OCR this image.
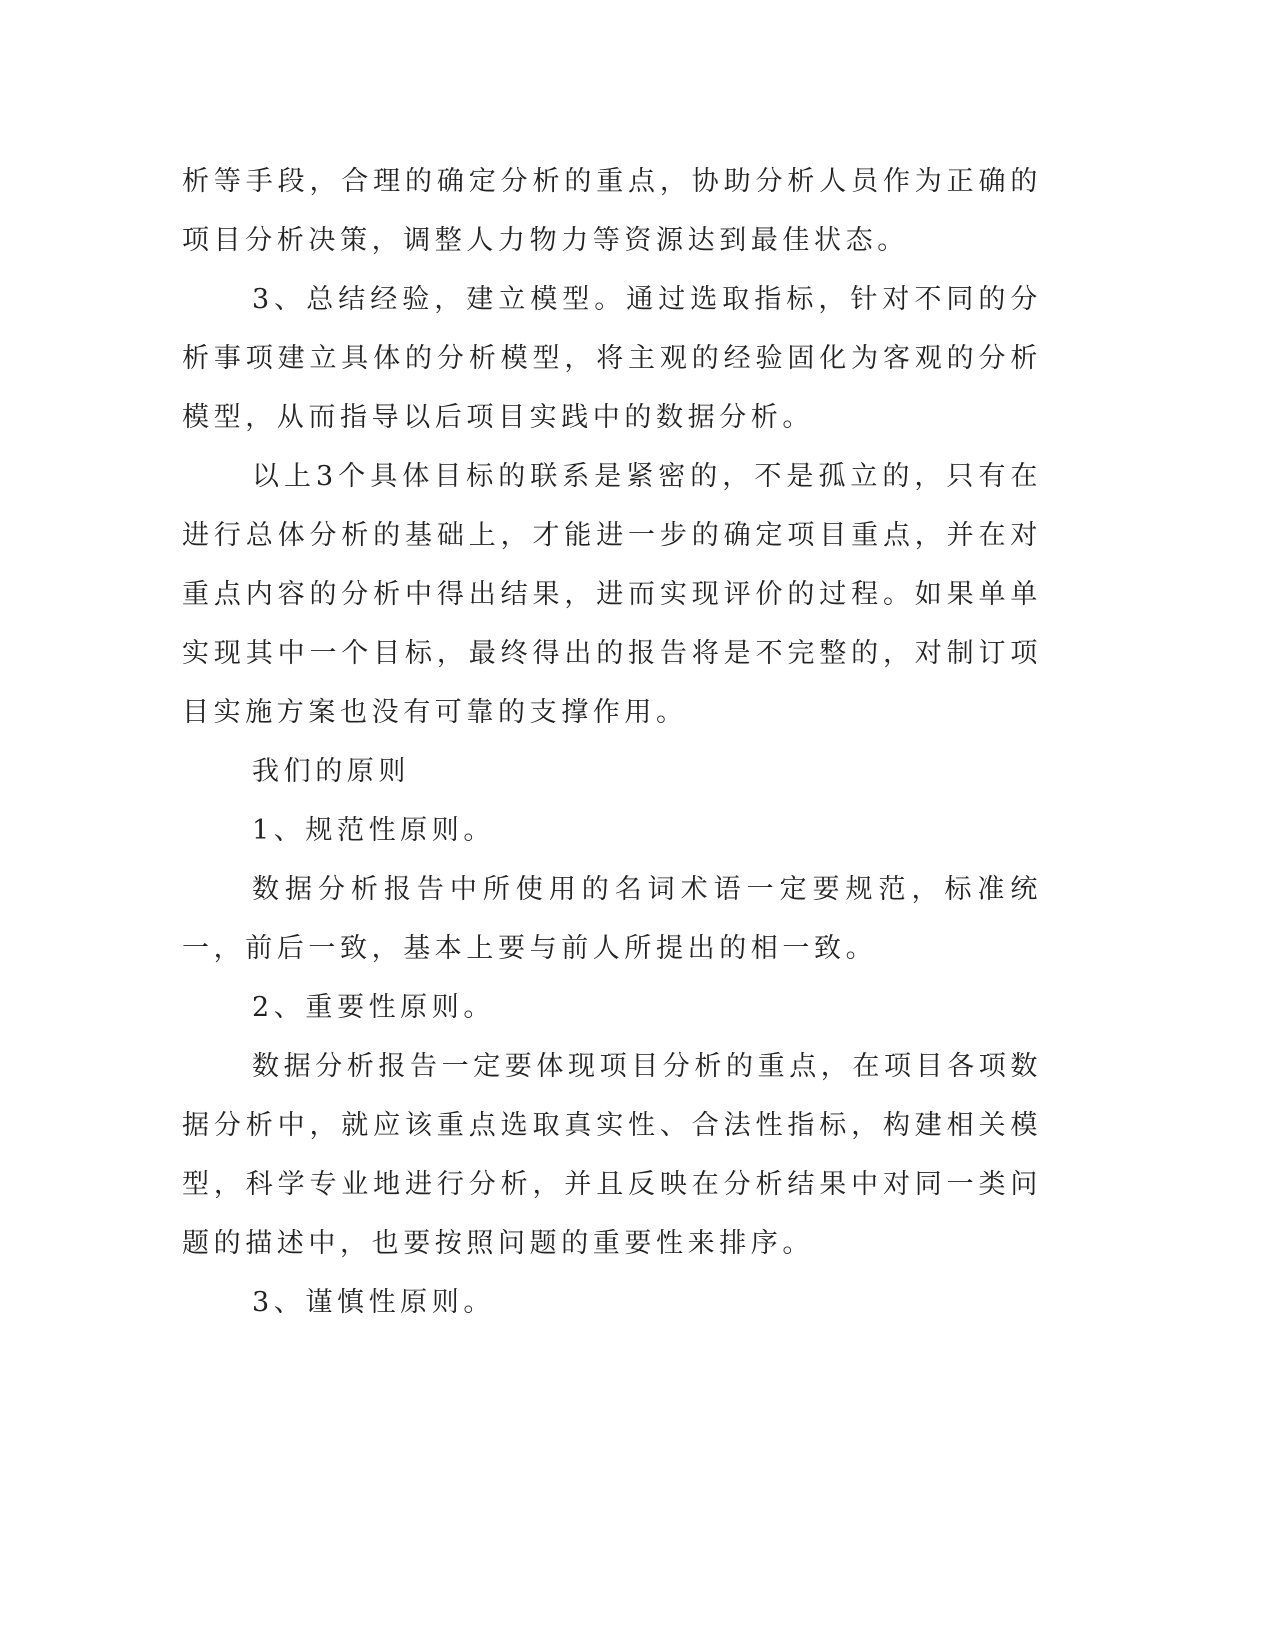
析等手段，合理的确定分析的重点，协助分析人员作为正确的项目分析决策，调整人力物力等资源达到最佳状态。

3、总结经验，建立模型。通过选取指标，针对不同的分析事项建立具体的分析模型，将主观的经验固化为客观的分析模型，从而指导以后项目实践中的数据分析。

以上3个具体目标的联系是紧密的，不是孤立的，只有在进行总体分析的基础上，才能进一步的确定项目重点，并在对重点内容的分析中得出结果，进而实现评价的过程。如果单单实现其中一个目标，最终得出的报告将是不完整的，对制订项目实施方案也没有可靠的支撑作用。

我们的原则

1、规范性原则。

数据分析报告中所使用的名词术语一定要规范，标准统一，前后一致，基本上要与前人所提出的相一致。

2、重要性原则。

数据分析报告一定要体现项目分析的重点，在项目各项数据分析中，就应该重点选取真实性、合法性指标，构建相关模型，科学专业地进行分析，并且反映在分析结果中对同一类问题的描述中，也要按照问题的重要性来排序。

3、谨慎性原则。
